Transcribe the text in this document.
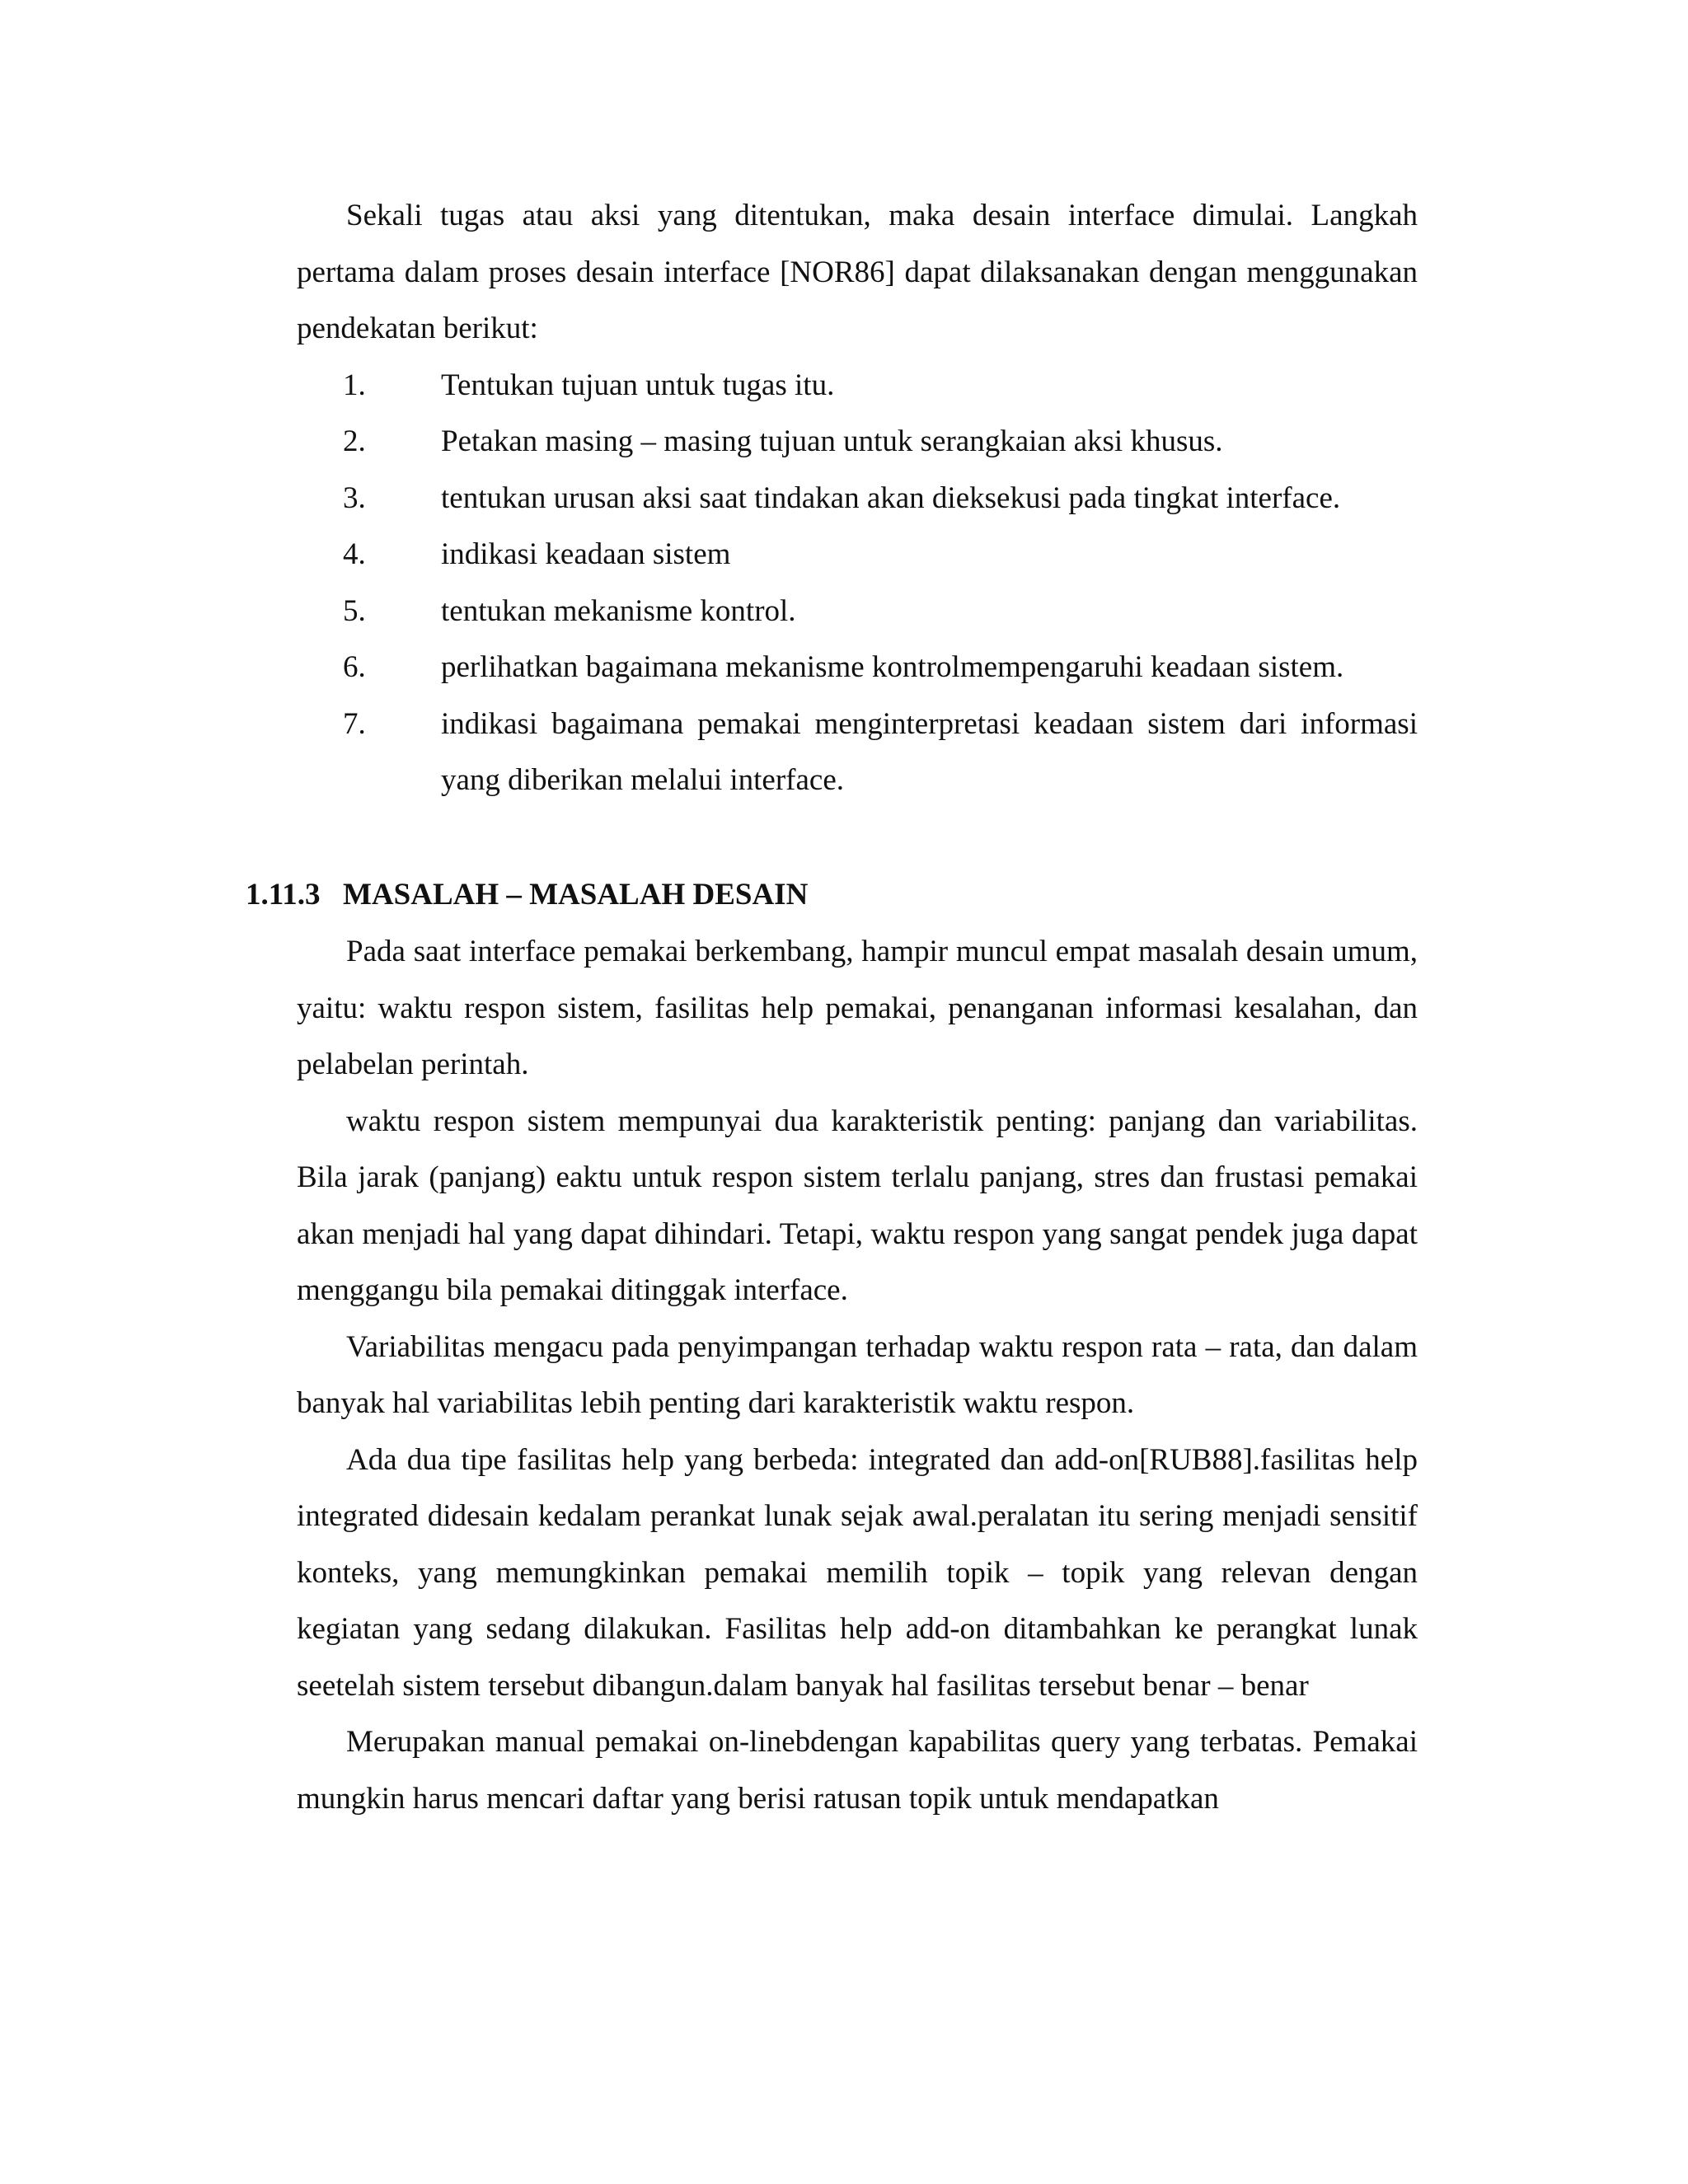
Sekali tugas atau aksi yang ditentukan, maka desain interface dimulai. Langkah pertama dalam proses desain interface [NOR86] dapat dilaksanakan dengan menggunakan pendekatan berikut:

1. Tentukan tujuan untuk tugas itu.
2. Petakan masing – masing tujuan untuk serangkaian aksi khusus.
3. tentukan urusan aksi saat tindakan akan dieksekusi pada tingkat interface.
4. indikasi keadaan sistem
5. tentukan mekanisme kontrol.
6. perlihatkan bagaimana mekanisme kontrolmempengaruhi keadaan sistem.
7. indikasi bagaimana pemakai menginterpretasi keadaan sistem dari informasi yang diberikan melalui interface.
1.11.3 MASALAH – MASALAH DESAIN

Pada saat interface pemakai berkembang, hampir muncul empat masalah desain umum, yaitu: waktu respon sistem, fasilitas help pemakai, penanganan informasi kesalahan, dan pelabelan perintah.

waktu respon sistem mempunyai dua karakteristik penting: panjang dan variabilitas. Bila jarak (panjang) eaktu untuk respon sistem terlalu panjang, stres dan frustasi pemakai akan menjadi hal yang dapat dihindari. Tetapi, waktu respon yang sangat pendek juga dapat menggangu bila pemakai ditinggak interface.

Variabilitas mengacu pada penyimpangan terhadap waktu respon rata – rata, dan dalam banyak hal variabilitas lebih penting dari karakteristik waktu respon.

Ada dua tipe fasilitas help yang berbeda: integrated dan add-on[RUB88].fasilitas help integrated didesain kedalam perankat lunak sejak awal.peralatan itu sering menjadi sensitif konteks, yang memungkinkan pemakai memilih topik – topik yang relevan dengan kegiatan yang sedang dilakukan. Fasilitas help add-on ditambahkan ke perangkat lunak seetelah sistem tersebut dibangun.dalam banyak hal fasilitas tersebut benar – benar

Merupakan manual pemakai on-linebdengan kapabilitas query yang terbatas. Pemakai mungkin harus mencari daftar yang berisi ratusan topik untuk mendapatkan
